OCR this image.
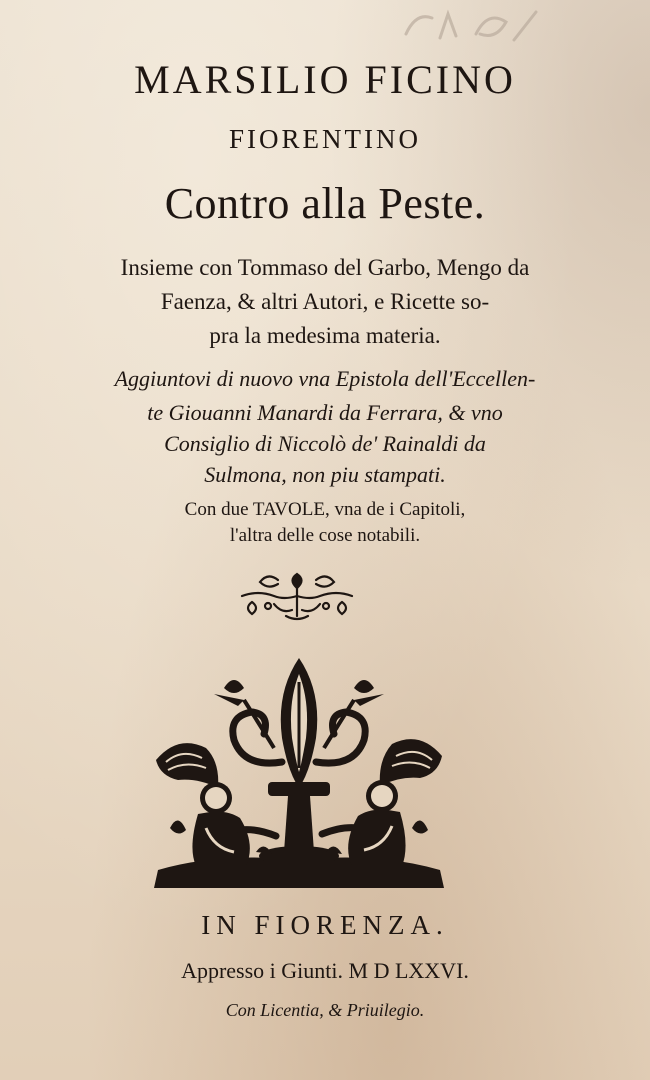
MARSILIO FICINO
FIORENTINO
Contro alla Peste.
Insieme con Tommaso del Garbo, Mengo da
Faenza, & altri Autori, e Ricette so-
pra la medesima materia.
Aggiuntovi di nuovo vna Epistola dell'Eccellen-
te Giouanni Manardi da Ferrara, & vno
Consiglio di Niccolò de' Rainaldi da
Sulmona, non piu stampati.
Con due TAVOLE, vna de i Capitoli,
l'altra delle cose notabili.
IN FIORENZA.
Appresso i Giunti. M D LXXVI.
Con Licentia, & Priuilegio.
